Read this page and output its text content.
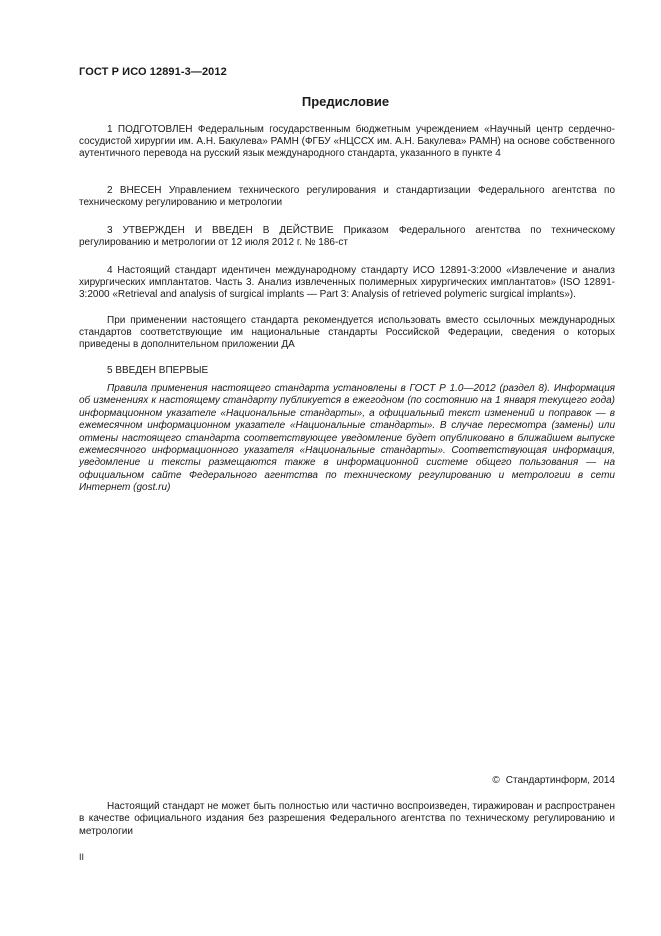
ГОСТ Р ИСО 12891-3—2012
Предисловие
1 ПОДГОТОВЛЕН Федеральным государственным бюджетным учреждением «Научный центр сердечно-сосудистой хирургии им. А.Н. Бакулева» РАМН (ФГБУ «НЦССХ им. А.Н. Бакулева» РАМН) на основе собственного аутентичного перевода на русский язык международного стандарта, указанного в пункте 4
2 ВНЕСЕН Управлением технического регулирования и стандартизации Федерального агентства по техническому регулированию и метрологии
3 УТВЕРЖДЕН И ВВЕДЕН В ДЕЙСТВИЕ Приказом Федерального агентства по техническому регулированию и метрологии от 12 июля 2012 г. № 186-ст
4 Настоящий стандарт идентичен международному стандарту ИСО 12891-3:2000 «Извлечение и анализ хирургических имплантатов. Часть 3. Анализ извлеченных полимерных хирургических имплантатов» (ISO 12891-3:2000 «Retrieval and analysis of surgical implants — Part 3: Analysis of retrieved polymeric surgical implants»).
При применении настоящего стандарта рекомендуется использовать вместо ссылочных международных стандартов соответствующие им национальные стандарты Российской Федерации, сведения о которых приведены в дополнительном приложении ДА
5 ВВЕДЕН ВПЕРВЫЕ
Правила применения настоящего стандарта установлены в ГОСТ Р 1.0—2012 (раздел 8). Информация об изменениях к настоящему стандарту публикуется в ежегодном (по состоянию на 1 января текущего года) информационном указателе «Национальные стандарты», а официальный текст изменений и поправок — в ежемесячном информационном указателе «Национальные стандарты». В случае пересмотра (замены) или отмены настоящего стандарта соответствующее уведомление будет опубликовано в ближайшем выпуске ежемесячного информационного указателя «Национальные стандарты». Соответствующая информация, уведомление и тексты размещаются также в информационной системе общего пользования — на официальном сайте Федерального агентства по техническому регулированию и метрологии в сети Интернет (gost.ru)
© Стандартинформ, 2014
Настоящий стандарт не может быть полностью или частично воспроизведен, тиражирован и распространен в качестве официального издания без разрешения Федерального агентства по техническому регулированию и метрологии
II
